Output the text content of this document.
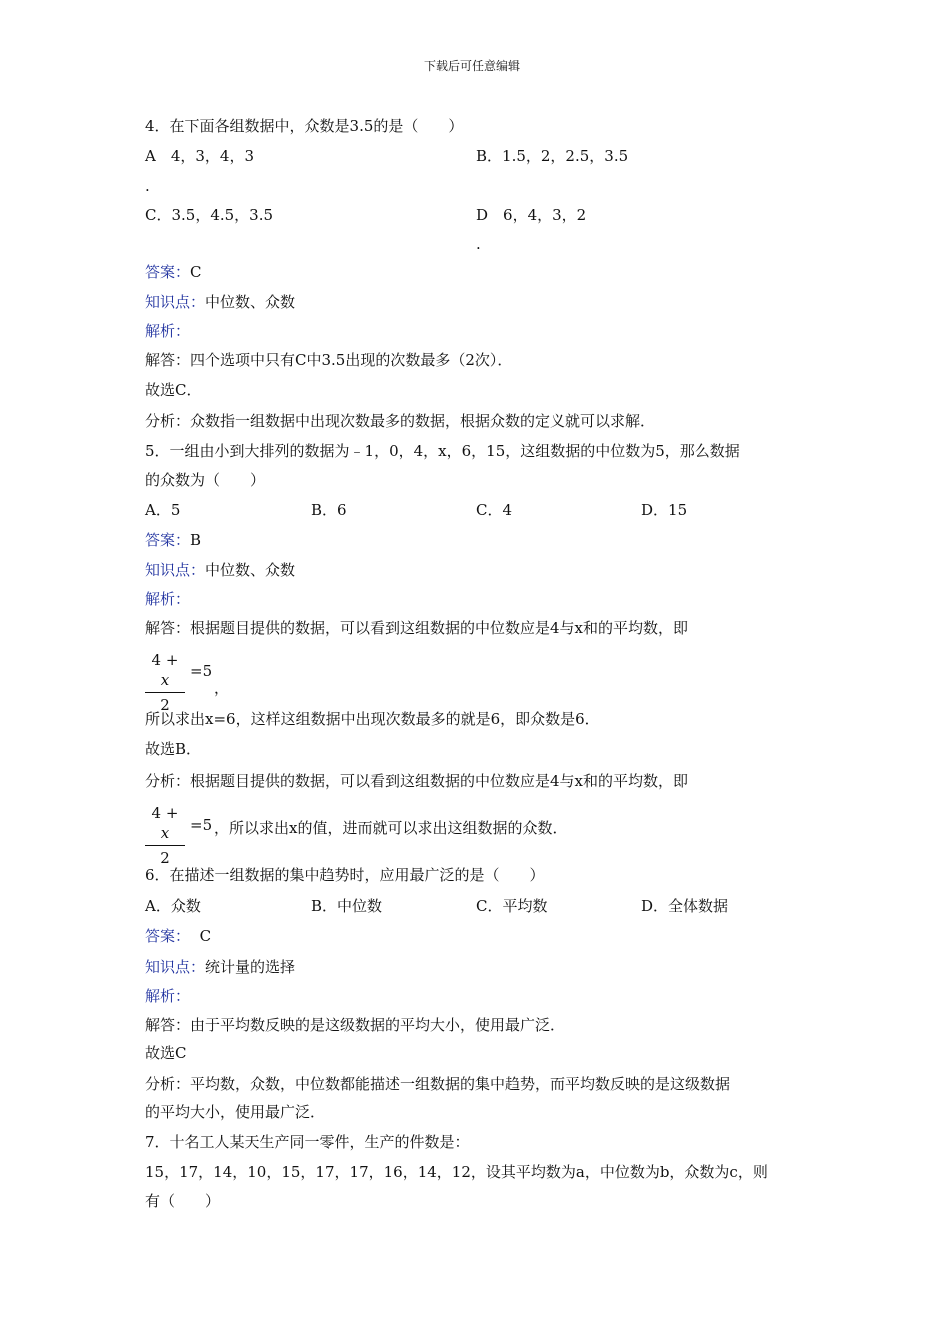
下载后可任意编辑
4．在下面各组数据中，众数是3.5的是（　　）
A　4，3，4，3
.
B．1.5，2，2.5，3.5
C．3.5，4.5，3.5	D　6，4，3，2
.
答案：C
知识点：中位数、众数
解析：
解答：四个选项中只有C中3.5出现的次数最多（2次）．
故选C．
分析：众数指一组数据中出现次数最多的数据，根据众数的定义就可以求解．
5．一组由小到大排列的数据为﹣1，0，4，x，6，15，这组数据的中位数为5，那么数据
的众数为（　　）
A．5	B．6	C．4	D．15
答案：B
知识点：中位数、众数
解析：
解答：根据题目提供的数据，可以看到这组数据的中位数应是4与x和的平均数，即
4 + x
2
=5
，
所以求出x=6，这样这组数据中出现次数最多的就是6，即众数是6．
故选B．
分析：根据题目提供的数据，可以看到这组数据的中位数应是4与x和的平均数，即
4 + x
2
=5 ，所以求出x的值，进而就可以求出这组数据的众数．
6．在描述一组数据的集中趋势时，应用最广泛的是（　　）
A．众数	B．中位数	C．平均数	D．全体数据
答案： C
知识点：统计量的选择
解析：
解答：由于平均数反映的是这级数据的平均大小，使用最广泛．
故选C
分析：平均数，众数，中位数都能描述一组数据的集中趋势，而平均数反映的是这级数据
的平均大小，使用最广泛．
7．十名工人某天生产同一零件，生产的件数是：
15，17，14，10，15，17，17，16，14，12，设其平均数为a，中位数为b，众数为c，则
有（　　）
